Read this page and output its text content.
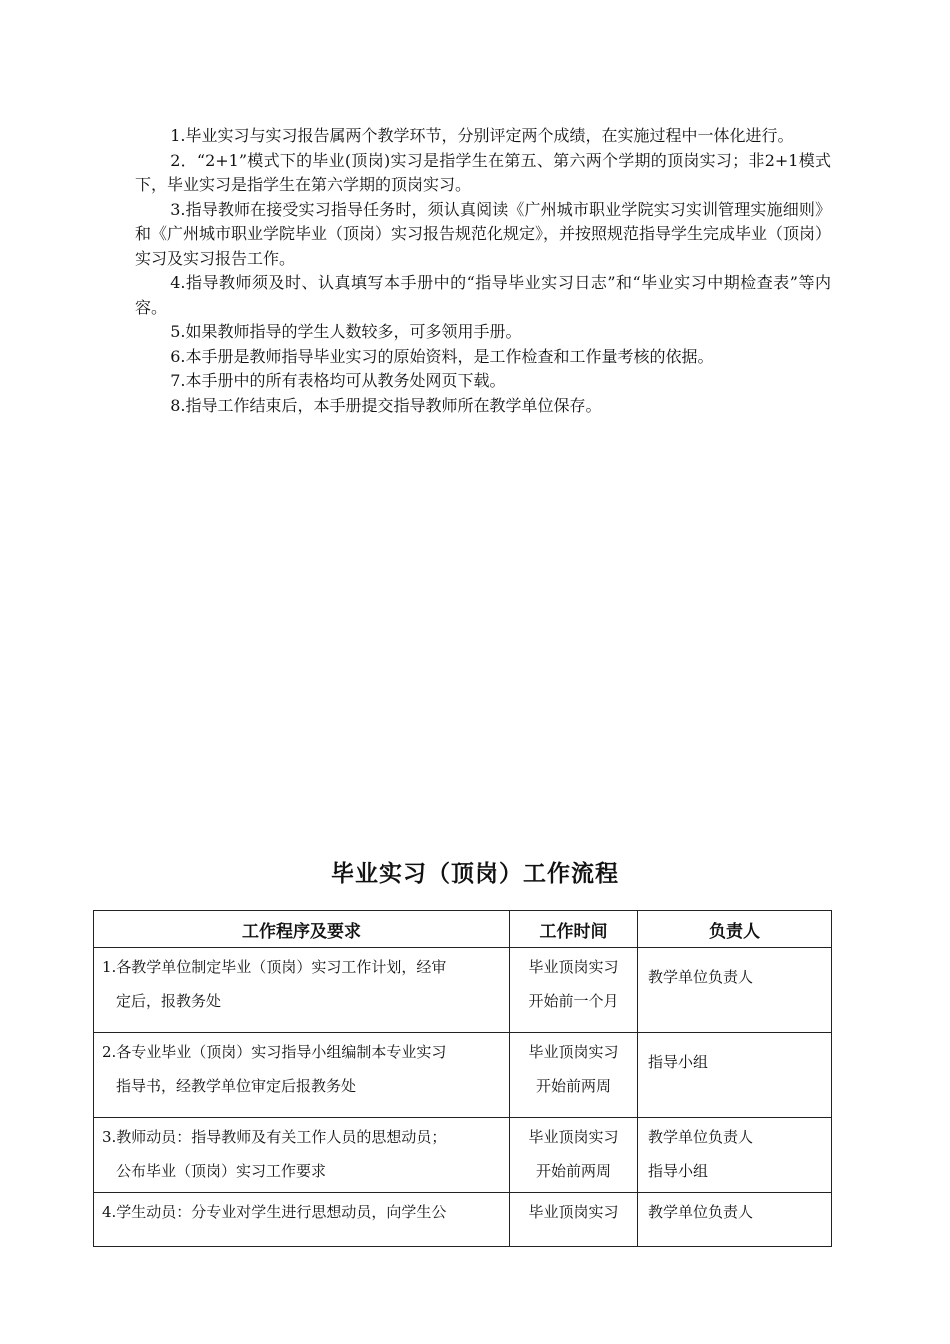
1.毕业实习与实习报告属两个教学环节，分别评定两个成绩，在实施过程中一体化进行。

2．“2+1”模式下的毕业(顶岗)实习是指学生在第五、第六两个学期的顶岗实习；非2+1模式下，毕业实习是指学生在第六学期的顶岗实习。

3.指导教师在接受实习指导任务时，须认真阅读《广州城市职业学院实习实训管理实施细则》和《广州城市职业学院毕业（顶岗）实习报告规范化规定》，并按照规范指导学生完成毕业（顶岗）实习及实习报告工作。

4.指导教师须及时、认真填写本手册中的“指导毕业实习日志”和“毕业实习中期检查表”等内容。

5.如果教师指导的学生人数较多，可多领用手册。

6.本手册是教师指导毕业实习的原始资料，是工作检查和工作量考核的依据。

7.本手册中的所有表格均可从教务处网页下载。

8.指导工作结束后，本手册提交指导教师所在教学单位保存。

毕业实习（顶岗）工作流程
工作程序及要求	工作时间	负责人

1.各教学单位制定毕业（顶岗）实习工作计划，经审
定后，报教务处	毕业顶岗实习
开始前一个月	教学单位负责人

2.各专业毕业（顶岗）实习指导小组编制本专业实习
指导书，经教学单位审定后报教务处	毕业顶岗实习
开始前两周	指导小组

3.教师动员：指导教师及有关工作人员的思想动员；
公布毕业（顶岗）实习工作要求	毕业顶岗实习
开始前两周	教学单位负责人
指导小组

4.学生动员：分专业对学生进行思想动员，向学生公	毕业顶岗实习	教学单位负责人
